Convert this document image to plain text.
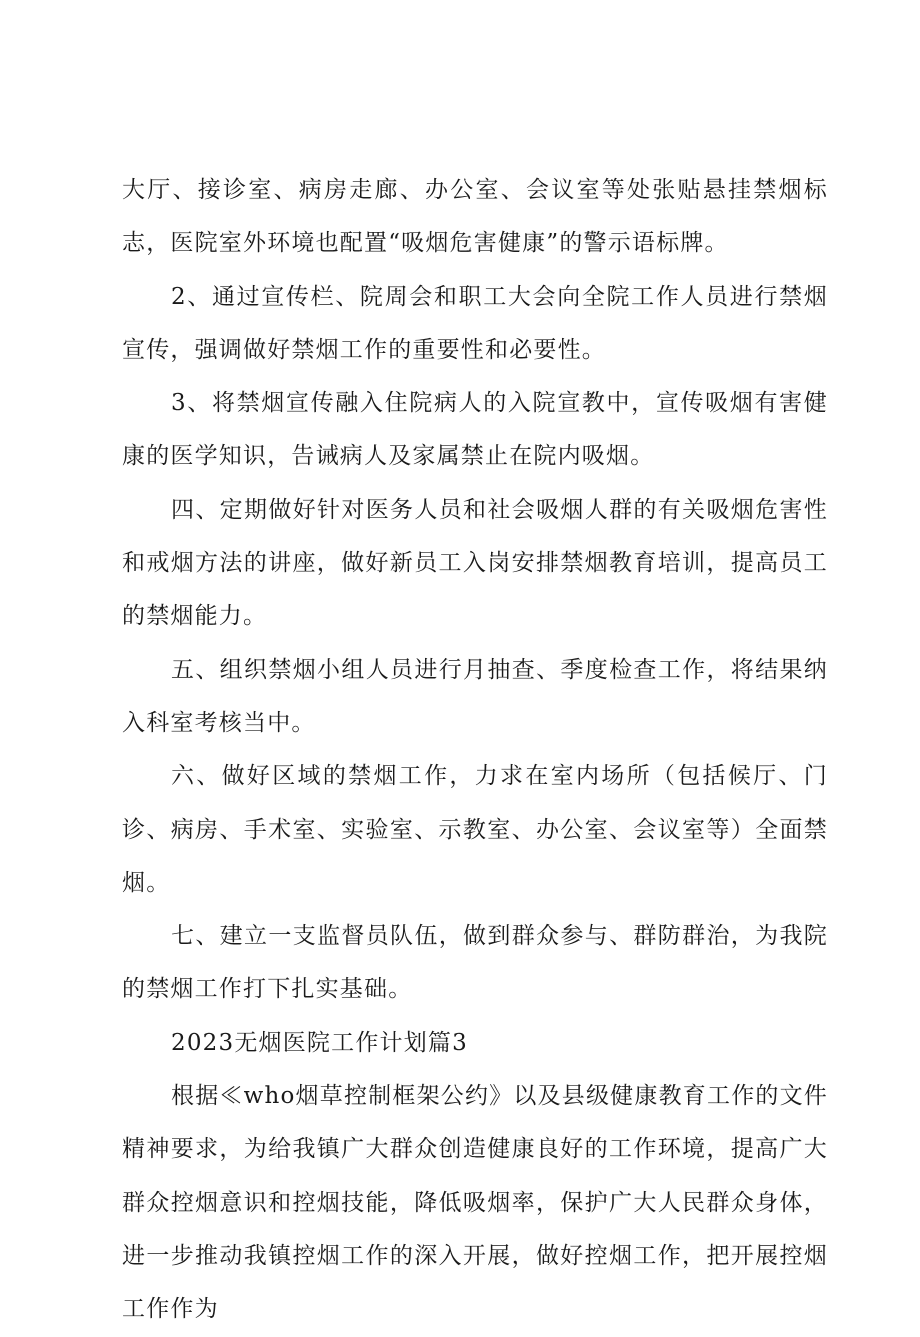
大厅、接诊室、病房走廊、办公室、会议室等处张贴悬挂禁烟标志，医院室外环境也配置“吸烟危害健康”的警示语标牌。

2、通过宣传栏、院周会和职工大会向全院工作人员进行禁烟宣传，强调做好禁烟工作的重要性和必要性。

3、将禁烟宣传融入住院病人的入院宣教中，宣传吸烟有害健康的医学知识，告诫病人及家属禁止在院内吸烟。

四、定期做好针对医务人员和社会吸烟人群的有关吸烟危害性和戒烟方法的讲座，做好新员工入岗安排禁烟教育培训，提高员工的禁烟能力。

五、组织禁烟小组人员进行月抽查、季度检查工作，将结果纳入科室考核当中。

六、做好区域的禁烟工作，力求在室内场所（包括候厅、门诊、病房、手术室、实验室、示教室、办公室、会议室等）全面禁烟。

七、建立一支监督员队伍，做到群众参与、群防群治，为我院的禁烟工作打下扎实基础。

2023无烟医院工作计划篇3

根据≪who烟草控制框架公约》以及县级健康教育工作的文件精神要求，为给我镇广大群众创造健康良好的工作环境，提高广大群众控烟意识和控烟技能，降低吸烟率，保护广大人民群众身体，进一步推动我镇控烟工作的深入开展，做好控烟工作，把开展控烟工作作为
